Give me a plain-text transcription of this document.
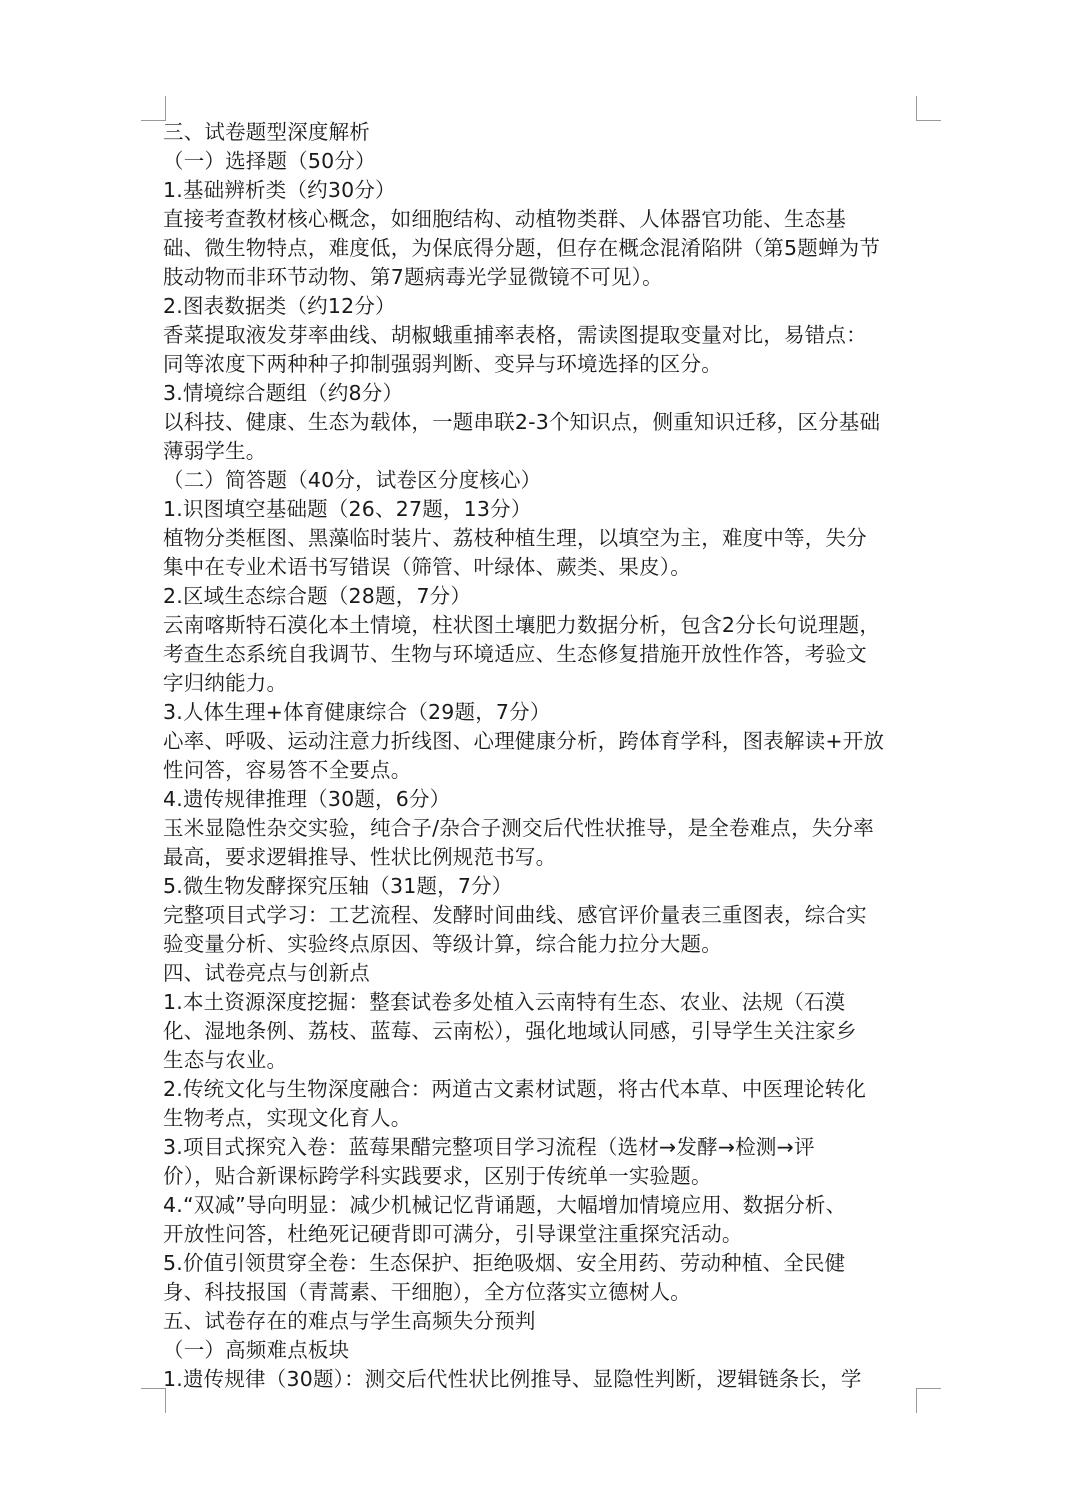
三、试卷题型深度解析
（一）选择题（50分）
1.基础辨析类（约30分）
直接考查教材核心概念，如细胞结构、动植物类群、人体器官功能、生态基
础、微生物特点，难度低，为保底得分题，但存在概念混淆陷阱（第5题蝉为节
肢动物而非环节动物、第7题病毒光学显微镜不可见）。
2.图表数据类（约12分）
香菜提取液发芽率曲线、胡椒蛾重捕率表格，需读图提取变量对比，易错点：
同等浓度下两种种子抑制强弱判断、变异与环境选择的区分。
3.情境综合题组（约8分）
以科技、健康、生态为载体，一题串联2-3个知识点，侧重知识迁移，区分基础
薄弱学生。
（二）简答题（40分，试卷区分度核心）
1.识图填空基础题（26、27题，13分）
植物分类框图、黑藻临时装片、荔枝种植生理，以填空为主，难度中等，失分
集中在专业术语书写错误（筛管、叶绿体、蕨类、果皮）。
2.区域生态综合题（28题，7分）
云南喀斯特石漠化本土情境，柱状图土壤肥力数据分析，包含2分长句说理题，
考查生态系统自我调节、生物与环境适应、生态修复措施开放性作答，考验文
字归纳能力。
3.人体生理+体育健康综合（29题，7分）
心率、呼吸、运动注意力折线图、心理健康分析，跨体育学科，图表解读+开放
性问答，容易答不全要点。
4.遗传规律推理（30题，6分）
玉米显隐性杂交实验，纯合子/杂合子测交后代性状推导，是全卷难点，失分率
最高，要求逻辑推导、性状比例规范书写。
5.微生物发酵探究压轴（31题，7分）
完整项目式学习：工艺流程、发酵时间曲线、感官评价量表三重图表，综合实
验变量分析、实验终点原因、等级计算，综合能力拉分大题。
四、试卷亮点与创新点
1.本土资源深度挖掘：整套试卷多处植入云南特有生态、农业、法规（石漠
化、湿地条例、荔枝、蓝莓、云南松），强化地域认同感，引导学生关注家乡
生态与农业。
2.传统文化与生物深度融合：两道古文素材试题，将古代本草、中医理论转化
生物考点，实现文化育人。
3.项目式探究入卷：蓝莓果醋完整项目学习流程（选材→发酵→检测→评
价），贴合新课标跨学科实践要求，区别于传统单一实验题。
4.“双减”导向明显：减少机械记忆背诵题，大幅增加情境应用、数据分析、
开放性问答，杜绝死记硬背即可满分，引导课堂注重探究活动。
5.价值引领贯穿全卷：生态保护、拒绝吸烟、安全用药、劳动种植、全民健
身、科技报国（青蒿素、干细胞），全方位落实立德树人。
五、试卷存在的难点与学生高频失分预判
（一）高频难点板块
1.遗传规律（30题）：测交后代性状比例推导、显隐性判断，逻辑链条长，学
